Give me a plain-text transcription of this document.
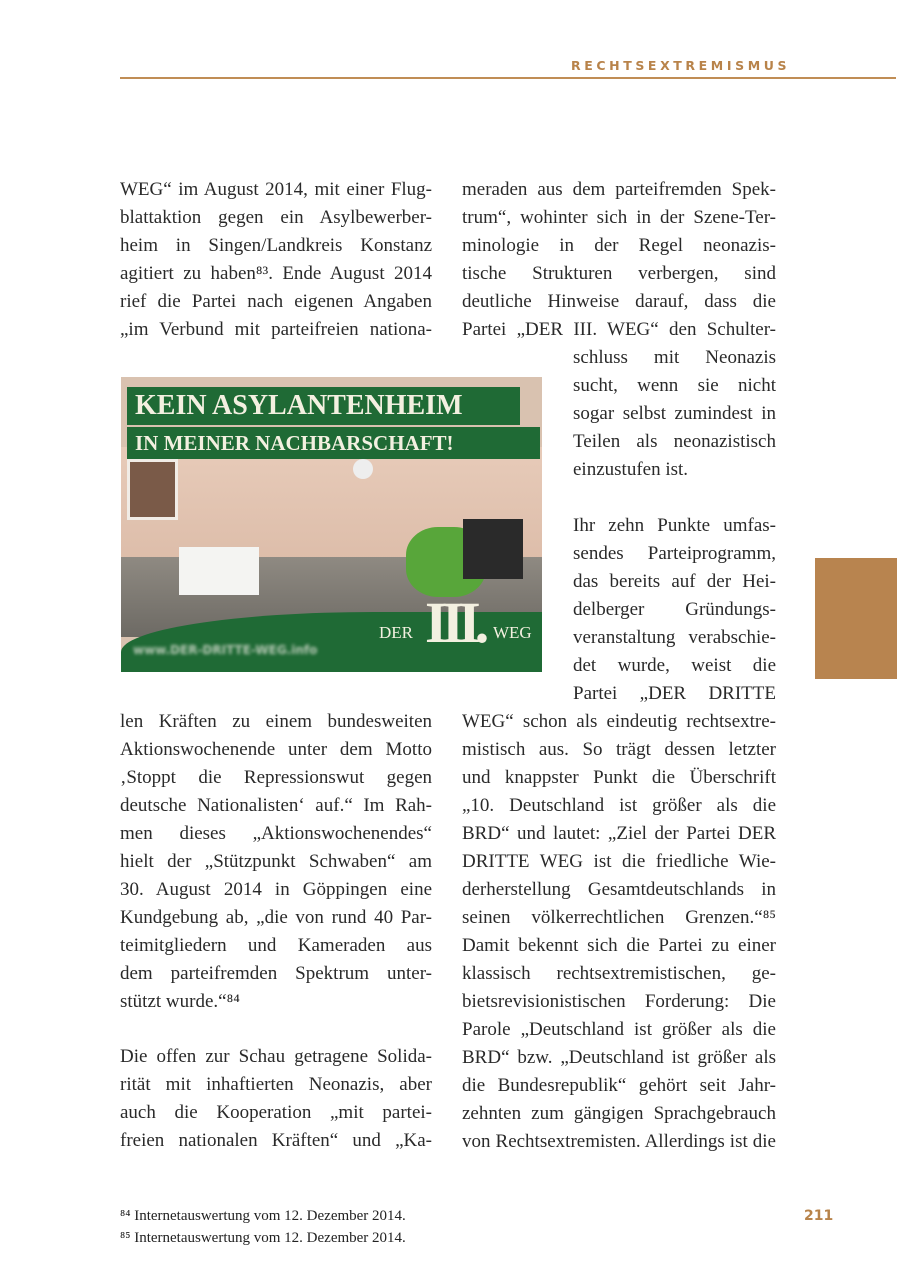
RECHTSEXTREMISMUS
WEG“ im August 2014, mit einer Flug-
blattaktion gegen ein Asylbewerber-
heim in Singen/Landkreis Konstanz
agitiert zu haben⁸³. Ende August 2014
rief die Partei nach eigenen Angaben
„im Verbund mit parteifreien nationa-
len Kräften zu einem bundesweiten
Aktionswochenende unter dem Motto
‚Stoppt die Repressionswut gegen
deutsche Nationalisten‘ auf.“ Im Rah-
men dieses „Aktionswochenendes“
hielt der „Stützpunkt Schwaben“ am
30. August 2014 in Göppingen eine
Kundgebung ab, „die von rund 40 Par-
teimitgliedern und Kameraden aus
dem parteifremden Spektrum unter-
stützt wurde.“⁸⁴
Die offen zur Schau getragene Solida-
rität mit inhaftierten Neonazis, aber
auch die Kooperation „mit partei-
freien nationalen Kräften“ und „Ka-
meraden aus dem parteifremden Spek-
trum“, wohinter sich in der Szene-Ter-
minologie in der Regel neonazis-
tische Strukturen verbergen, sind
deutliche Hinweise darauf, dass die
Partei „DER III. WEG“ den Schulter-
schluss mit Neonazis
sucht, wenn sie nicht
sogar selbst zumindest in
Teilen als neonazistisch
einzustufen ist.
Ihr zehn Punkte umfas-
sendes Parteiprogramm,
das bereits auf der Hei-
delberger Gründungs-
veranstaltung verabschie-
det wurde, weist die
Partei „DER DRITTE
WEG“ schon als eindeutig rechtsextre-
mistisch aus. So trägt dessen letzter
und knappster Punkt die Überschrift
„10. Deutschland ist größer als die
BRD“ und lautet: „Ziel der Partei DER
DRITTE WEG ist die friedliche Wie-
derherstellung Gesamtdeutschlands in
seinen völkerrechtlichen Grenzen.“⁸⁵
Damit bekennt sich die Partei zu einer
klassisch rechtsextremistischen, ge-
bietsrevisionistischen Forderung: Die
Parole „Deutschland ist größer als die
BRD“ bzw. „Deutschland ist größer als
die Bundesrepublik“ gehört seit Jahr-
zehnten zum gängigen Sprachgebrauch
von Rechtsextremisten. Allerdings ist die
KEIN ASYLANTENHEIM
IN MEINER NACHBARSCHAFT!
DER III. WEG
www.DER-DRITTE-WEG.info
⁸⁴ Internetauswertung vom 12. Dezember 2014.
⁸⁵ Internetauswertung vom 12. Dezember 2014.
211
